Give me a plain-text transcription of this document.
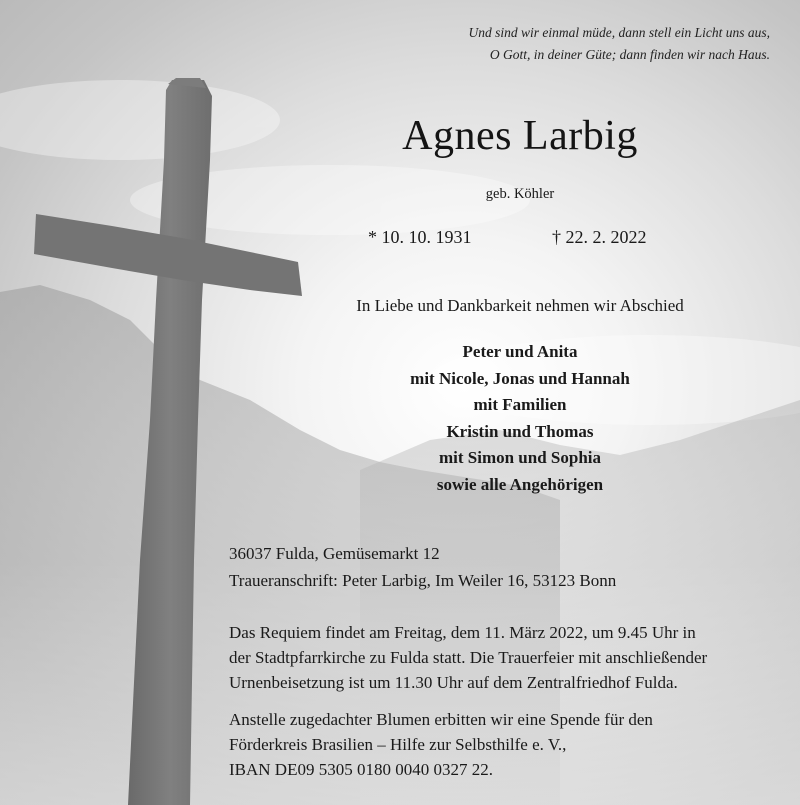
Und sind wir einmal müde, dann stell ein Licht uns aus,
O Gott, in deiner Güte; dann finden wir nach Haus.
Agnes Larbig
geb. Köhler
* 10. 10. 1931	† 22. 2. 2022
In Liebe und Dankbarkeit nehmen wir Abschied
Peter und Anita
mit Nicole, Jonas und Hannah
mit Familien
Kristin und Thomas
mit Simon und Sophia
sowie alle Angehörigen
36037 Fulda, Gemüsemarkt 12
Traueranschrift: Peter Larbig, Im Weiler 16, 53123 Bonn
Das Requiem findet am Freitag, dem 11. März 2022, um 9.45 Uhr in
der Stadtpfarrkirche zu Fulda statt. Die Trauerfeier mit anschließender
Urnenbeisetzung ist um 11.30 Uhr auf dem Zentralfriedhof Fulda.
Anstelle zugedachter Blumen erbitten wir eine Spende für den
Förderkreis Brasilien – Hilfe zur Selbsthilfe e. V.,
IBAN DE09 5305 0180 0040 0327 22.
